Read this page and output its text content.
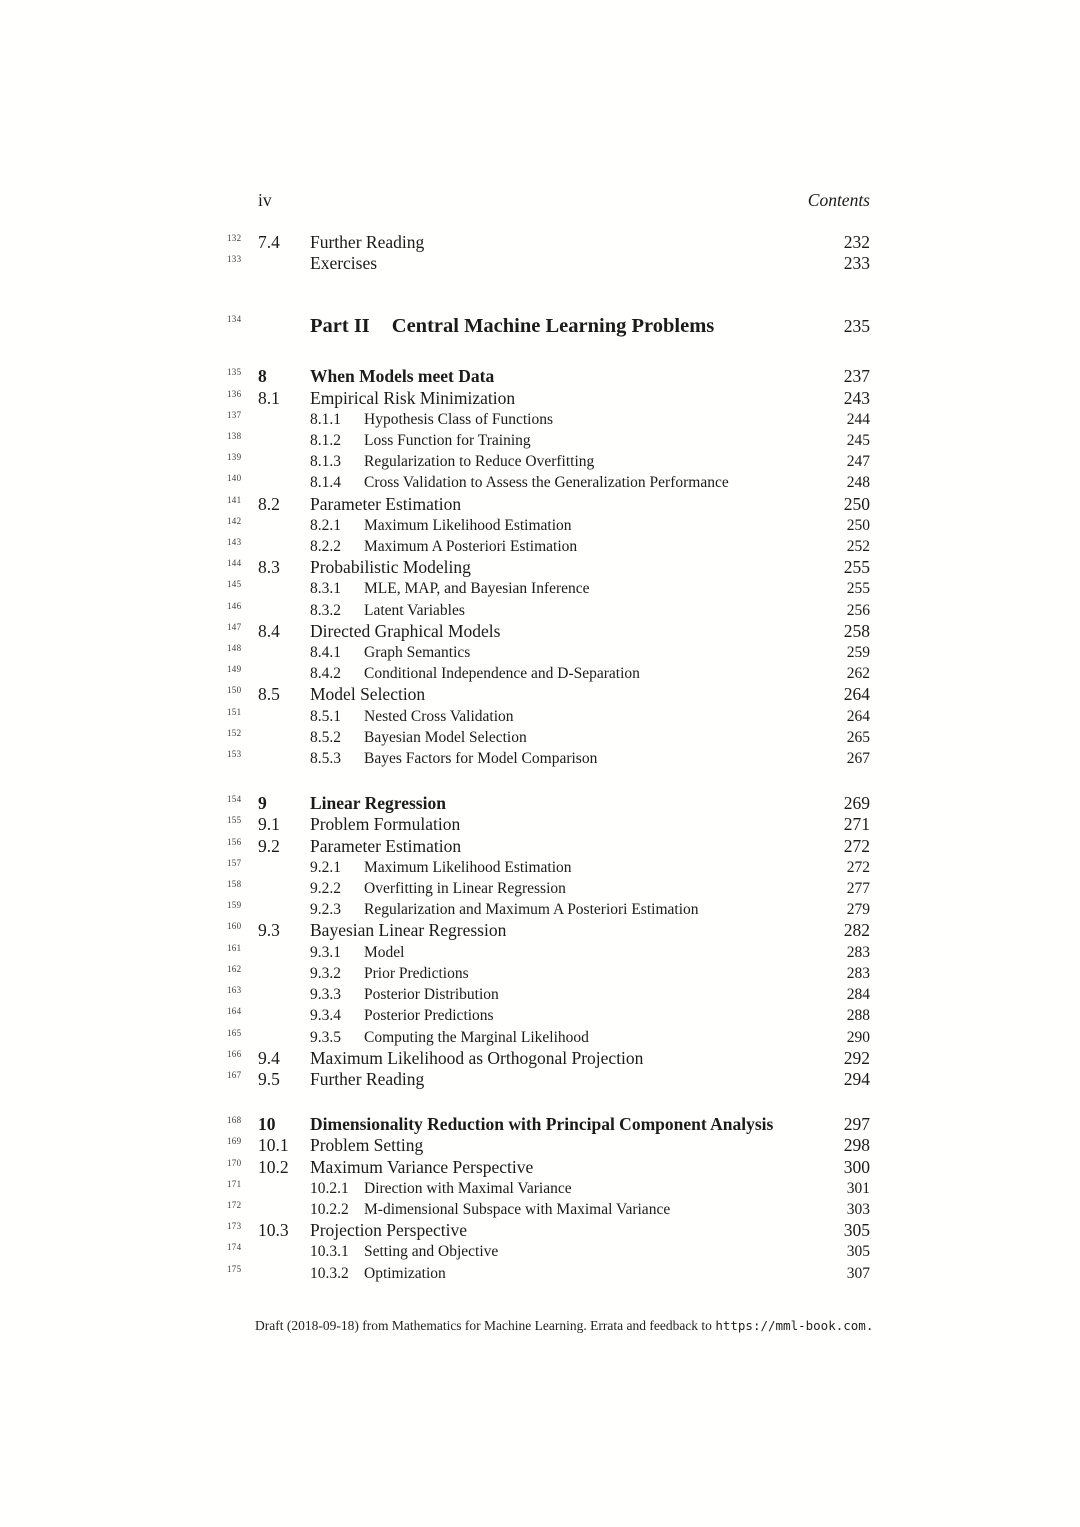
iv	Contents
132 7.4	Further Reading	232
133	Exercises	233
134	Part II	Central Machine Learning Problems	235
135 8	When Models meet Data	237
136 8.1	Empirical Risk Minimization	243
137	8.1.1	Hypothesis Class of Functions	244
138	8.1.2	Loss Function for Training	245
139	8.1.3	Regularization to Reduce Overfitting	247
140	8.1.4	Cross Validation to Assess the Generalization Performance	248
141 8.2	Parameter Estimation	250
142	8.2.1	Maximum Likelihood Estimation	250
143	8.2.2	Maximum A Posteriori Estimation	252
144 8.3	Probabilistic Modeling	255
145	8.3.1	MLE, MAP, and Bayesian Inference	255
146	8.3.2	Latent Variables	256
147 8.4	Directed Graphical Models	258
148	8.4.1	Graph Semantics	259
149	8.4.2	Conditional Independence and D-Separation	262
150 8.5	Model Selection	264
151	8.5.1	Nested Cross Validation	264
152	8.5.2	Bayesian Model Selection	265
153	8.5.3	Bayes Factors for Model Comparison	267
154 9	Linear Regression	269
155 9.1	Problem Formulation	271
156 9.2	Parameter Estimation	272
157	9.2.1	Maximum Likelihood Estimation	272
158	9.2.2	Overfitting in Linear Regression	277
159	9.2.3	Regularization and Maximum A Posteriori Estimation	279
160 9.3	Bayesian Linear Regression	282
161	9.3.1	Model	283
162	9.3.2	Prior Predictions	283
163	9.3.3	Posterior Distribution	284
164	9.3.4	Posterior Predictions	288
165	9.3.5	Computing the Marginal Likelihood	290
166 9.4	Maximum Likelihood as Orthogonal Projection	292
167 9.5	Further Reading	294
168 10	Dimensionality Reduction with Principal Component Analysis	297
169 10.1	Problem Setting	298
170 10.2	Maximum Variance Perspective	300
171	10.2.1 Direction with Maximal Variance	301
172	10.2.2 M-dimensional Subspace with Maximal Variance	303
173 10.3	Projection Perspective	305
174	10.3.1 Setting and Objective	305
175	10.3.2 Optimization	307
Draft (2018-09-18) from Mathematics for Machine Learning. Errata and feedback to https://mml-book.com.
